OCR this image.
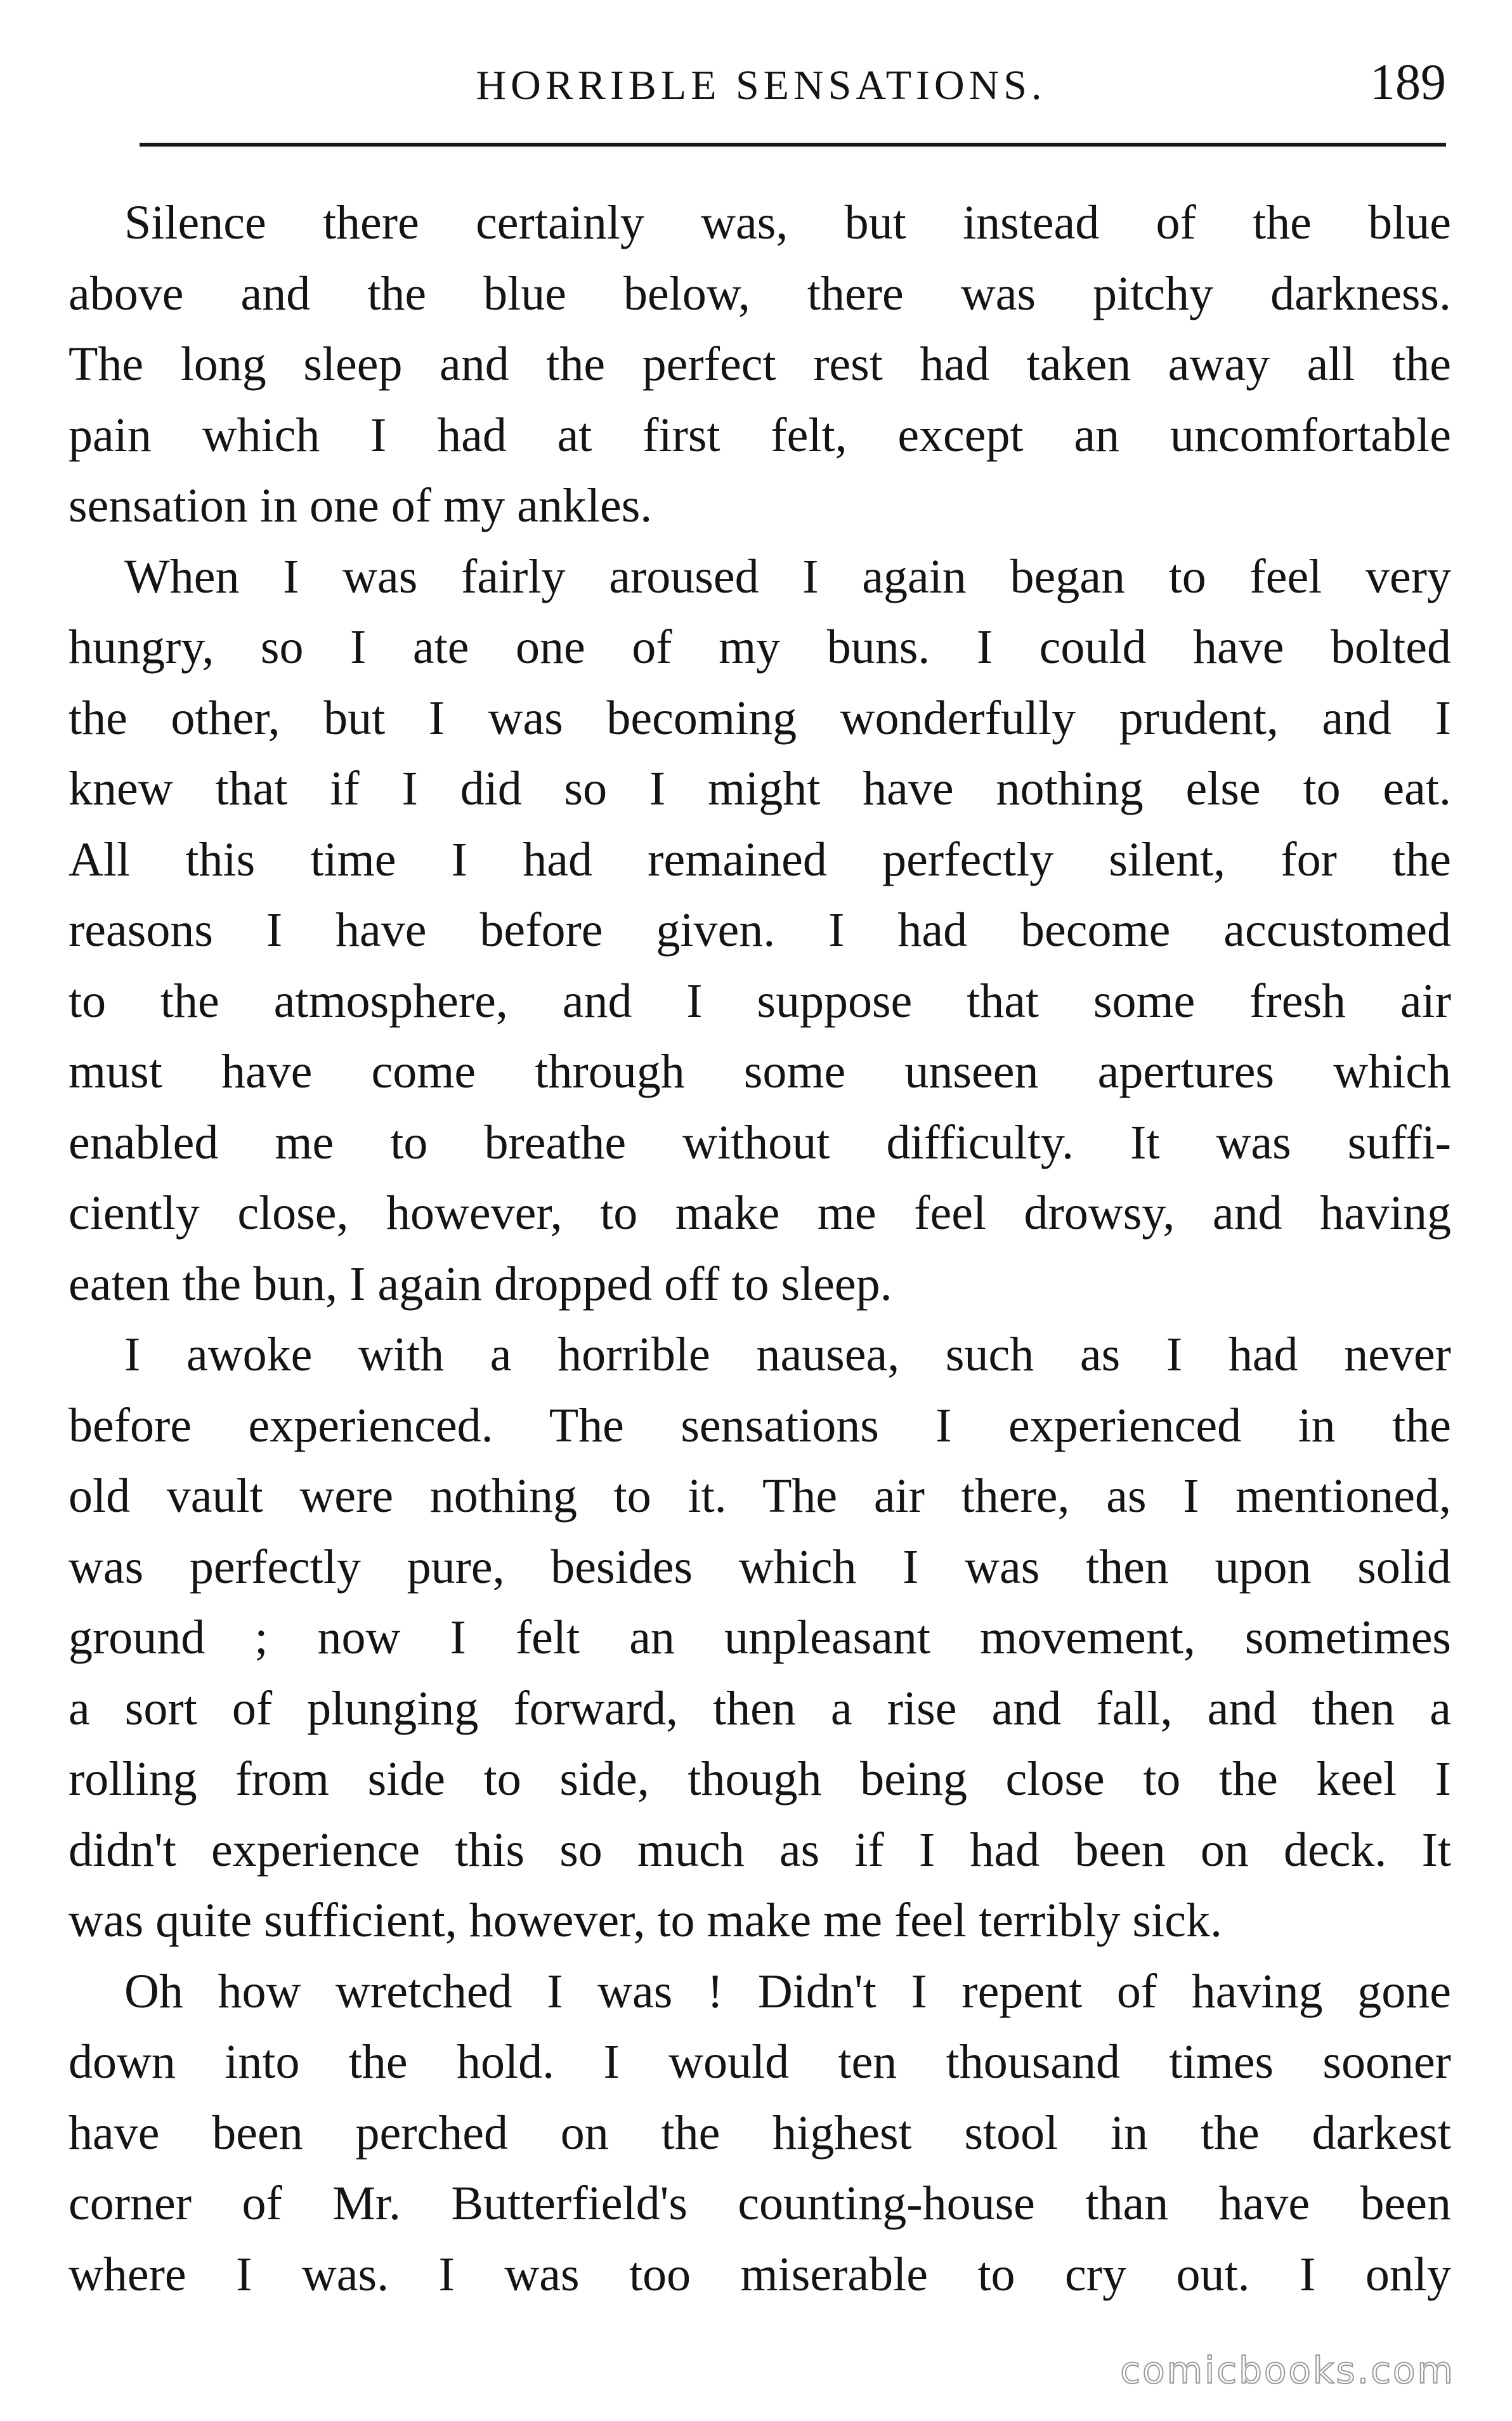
HORRIBLE SENSATIONS.	189
Silence there certainly was, but instead of the blue
above and the blue below, there was pitchy darkness.
The long sleep and the perfect rest had taken away all the
pain which I had at first felt, except an uncomfortable
sensation in one of my ankles.
When I was fairly aroused I again began to feel very
hungry, so I ate one of my buns. I could have bolted
the other, but I was becoming wonderfully prudent, and I
knew that if I did so I might have nothing else to eat.
All this time I had remained perfectly silent, for the
reasons I have before given. I had become accustomed
to the atmosphere, and I suppose that some fresh air
must have come through some unseen apertures which
enabled me to breathe without difficulty. It was suffi-
ciently close, however, to make me feel drowsy, and having
eaten the bun, I again dropped off to sleep.
I awoke with a horrible nausea, such as I had never
before experienced. The sensations I experienced in the
old vault were nothing to it. The air there, as I mentioned,
was perfectly pure, besides which I was then upon solid
ground ; now I felt an unpleasant movement, sometimes
a sort of plunging forward, then a rise and fall, and then a
rolling from side to side, though being close to the keel I
didn't experience this so much as if I had been on deck. It
was quite sufficient, however, to make me feel terribly sick.
Oh how wretched I was ! Didn't I repent of having gone
down into the hold. I would ten thousand times sooner
have been perched on the highest stool in the darkest
corner of Mr. Butterfield's counting-house than have been
where I was. I was too miserable to cry out. I only
comicbooks.com
